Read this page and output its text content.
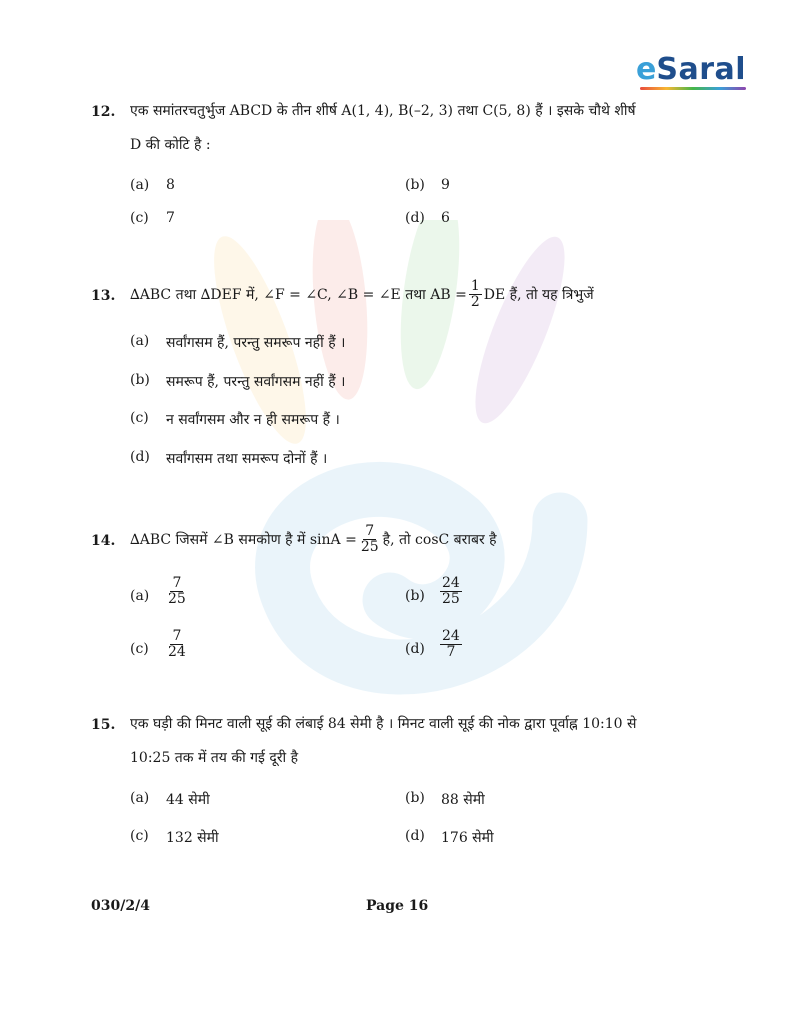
e Saral
12. एक समांतरचतुर्भुज ABCD के तीन शीर्ष A(1, 4), B(–2, 3) तथा C(5, 8) हैं । इसके चौथे शीर्ष
D की कोटि है :
(a) 8	(b) 9
(c) 7	(d) 6
13. ∆ABC तथा ∆DEF में, ∠F = ∠C, ∠B = ∠E तथा AB = $\frac{1}{2}$ DE हैं, तो यह त्रिभुजें
(a) सर्वांगसम हैं, परन्तु समरूप नहीं हैं ।
(b) समरूप हैं, परन्तु सर्वांगसम नहीं हैं ।
(c) न सर्वांगसम और न ही समरूप हैं ।
(d) सर्वांगसम तथा समरूप दोनों हैं ।
14. ∆ABC जिसमें ∠B समकोण है में $\sin A = \frac{7}{25}$ है, तो cosC बराबर है
$(a) \frac{7}{25}$	$(b) \frac{24}{25}$
$(c) \frac{7}{24}$	$(d) \frac{24}{7}$
15. एक घड़ी की मिनट वाली सूई की लंबाई 84 सेमी है । मिनट वाली सूई की नोक द्वारा पूर्वाह्न 10:10 से
10:25 तक में तय की गई दूरी है
(a) 44 सेमी	(b) 88 सेमी
(c) 132 सेमी	(d) 176 सेमी
030/2/4	Page 16
